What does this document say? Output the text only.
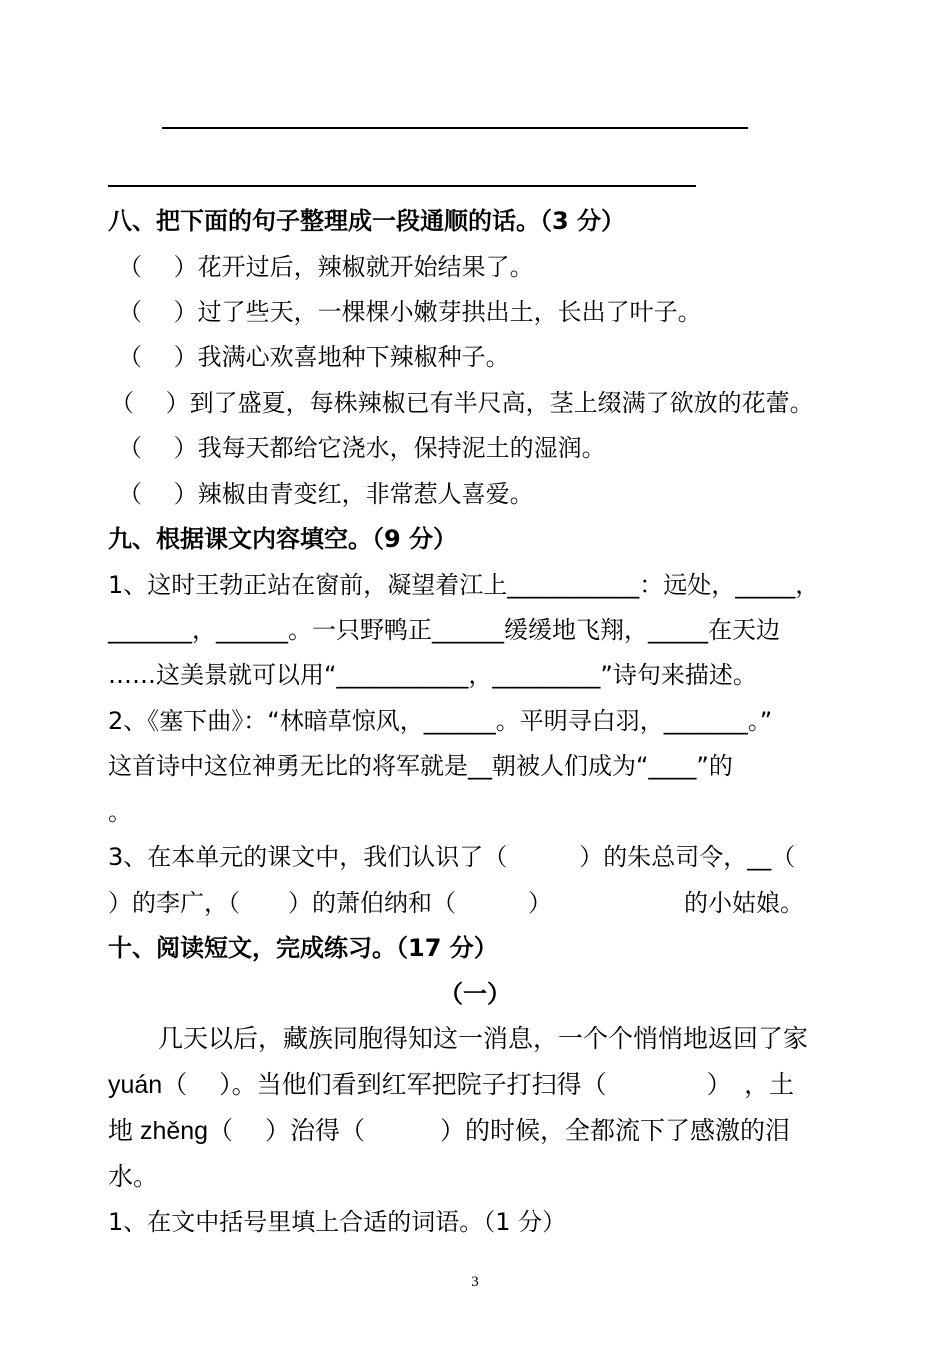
八、把下面的句子整理成一段通顺的话。（3 分）
（　 ）花开过后，辣椒就开始结果了。
（　 ）过了些天，一棵棵小嫩芽拱出土，长出了叶子。
（　 ）我满心欢喜地种下辣椒种子。
（　 ）到了盛夏，每株辣椒已有半尺高，茎上缀满了欲放的花蕾。
（　 ）我每天都给它浇水，保持泥土的湿润。
（　 ）辣椒由青变红，非常惹人喜爱。
九、根据课文内容填空。（9 分）
1、这时王勃正站在窗前，凝望着江上___________：远处，_____，
_______，______。一只野鸭正______缓缓地飞翔，_____在天边
……这美景就可以用“___________，_________”诗句来描述。
2、《塞下曲》：“林暗草惊风，______。平明寻白羽，_______。”
这首诗中这位神勇无比的将军就是__朝被人们成为“____”的
。
3、在本单元的课文中，我们认识了（　　　）的朱总司令，__（
）的李广，（　　）的萧伯纳和（　　　）　　　　　　的小姑娘。
十、阅读短文，完成练习。（17 分）
（一）
　　几天以后，藏族同胞得知这一消息，一个个悄悄地返回了家
yuán（　 ）。当他们看到红军把院子打扫得（　　　　）　，土
地 zhěng（　 ）治得（　　　）的时候，全都流下了感激的泪
水。
1、在文中括号里填上合适的词语。（1 分）
3
